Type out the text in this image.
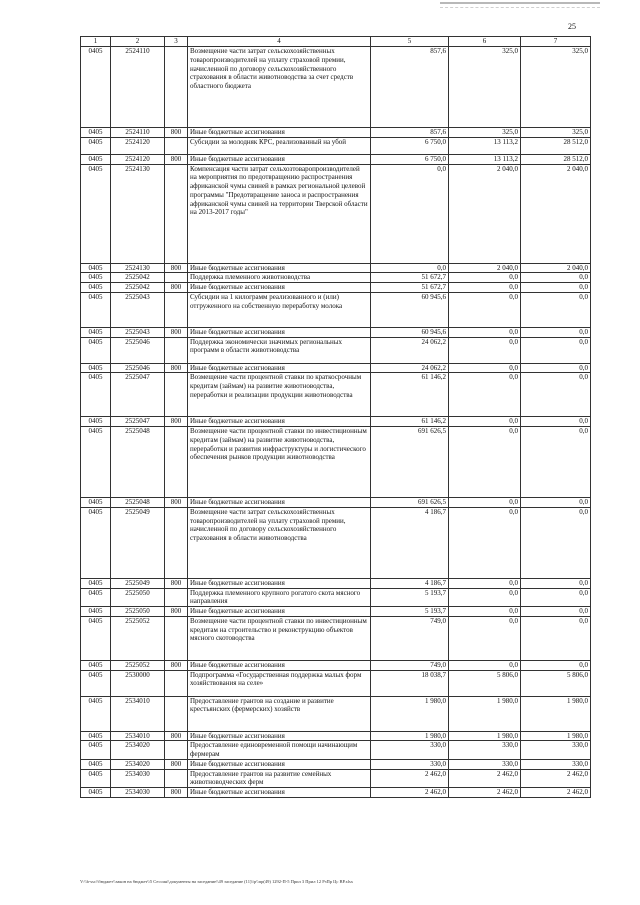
25
1	2	3	4	5	6	7
0405	2524110		Возмещение части затрат сельскохозяйственных товаропроизводителей на уплату страховой премии, начисленной по договору сельскохозяйственного страхования в области животноводства за счет средств областного бюджета	857,6	325,0	325,0
0405	2524110	800	Иные бюджетные ассигнования	857,6	325,0	325,0
0405	2524120		Субсидии за молодняк КРС, реализованный на убой	6 750,0	13 113,2	28 512,0
0405	2524120	800	Иные бюджетные ассигнования	6 750,0	13 113,2	28 512,0
0405	2524130		Компенсация части затрат сельхозтоваропроизводителей на мероприятия по предотвращению распространения африканской чумы свиней в рамках региональной целевой программы "Предотвращение заноса и распространения африканской чумы свиней на территории Тверской области на 2013-2017 годы"	0,0	2 040,0	2 040,0
0405	2524130	800	Иные бюджетные ассигнования	0,0	2 040,0	2 040,0
0405	2525042		Поддержка племенного животноводства	51 672,7	0,0	0,0
0405	2525042	800	Иные бюджетные ассигнования	51 672,7	0,0	0,0
0405	2525043		Субсидии на 1 килограмм реализованного и (или) отгруженного на собственную переработку молока	60 945,6	0,0	0,0
0405	2525043	800	Иные бюджетные ассигнования	60 945,6	0,0	0,0
0405	2525046		Поддержка экономически значимых региональных программ в области животноводства	24 062,2	0,0	0,0
0405	2525046	800	Иные бюджетные ассигнования	24 062,2	0,0	0,0
0405	2525047		Возмещение части процентной ставки по краткосрочным кредитам (займам) на развитие животноводства, переработки и реализации продукции животноводства	61 146,2	0,0	0,0
0405	2525047	800	Иные бюджетные ассигнования	61 146,2	0,0	0,0
0405	2525048		Возмещение части процентной ставки по инвестиционным кредитам (займам) на развитие животноводства, переработки и развития инфраструктуры и логистического обеспечения рынков продукции животноводства	691 626,5	0,0	0,0
0405	2525048	800	Иные бюджетные ассигнования	691 626,5	0,0	0,0
0405	2525049		Возмещение части затрат сельскохозяйственных товаропроизводителей на уплату страховой премии, начисленной по договору сельскохозяйственного страхования в области животноводства	4 186,7	0,0	0,0
0405	2525049	800	Иные бюджетные ассигнования	4 186,7	0,0	0,0
0405	2525050		Поддержка племенного крупного рогатого скота мясного направления	5 193,7	0,0	0,0
0405	2525050	800	Иные бюджетные ассигнования	5 193,7	0,0	0,0
0405	2525052		Возмещение части процентной ставки по инвестиционным кредитам на строительство и реконструкцию объектов мясного скотоводства	749,0	0,0	0,0
0405	2525052	800	Иные бюджетные ассигнования	749,0	0,0	0,0
0405	2530000		Подпрограмма «Государственная поддержка малых форм хозяйствования на селе»	18 038,7	5 806,0	5 806,0
0405	2534010		Предоставление грантов на создание и развитие крестьянских (фермерских) хозяйств	1 980,0	1 980,0	1 980,0
0405	2534010	800	Иные бюджетные ассигнования	1 980,0	1 980,0	1 980,0
0405	2534020		Предоставление единовременной помощи начинающим фермерам	330,0	330,0	330,0
0405	2534020	800	Иные бюджетные ассигнования	330,0	330,0	330,0
0405	2534030		Предоставление грантов на развитие семейных животноводческих ферм	2 462,0	2 462,0	2 462,0
0405	2534030	800	Иные бюджетные ассигнования	2 462,0	2 462,0	2 462,0
V:\\b-ssc\\бюджет\\закон на бюджет\\5 Сессия\\документы на заседание\\49 заседание (11)\\р\\пр(49) 1292-П-5 Прил 3 Прил 12 РзПр Цс ВР.xlsx
